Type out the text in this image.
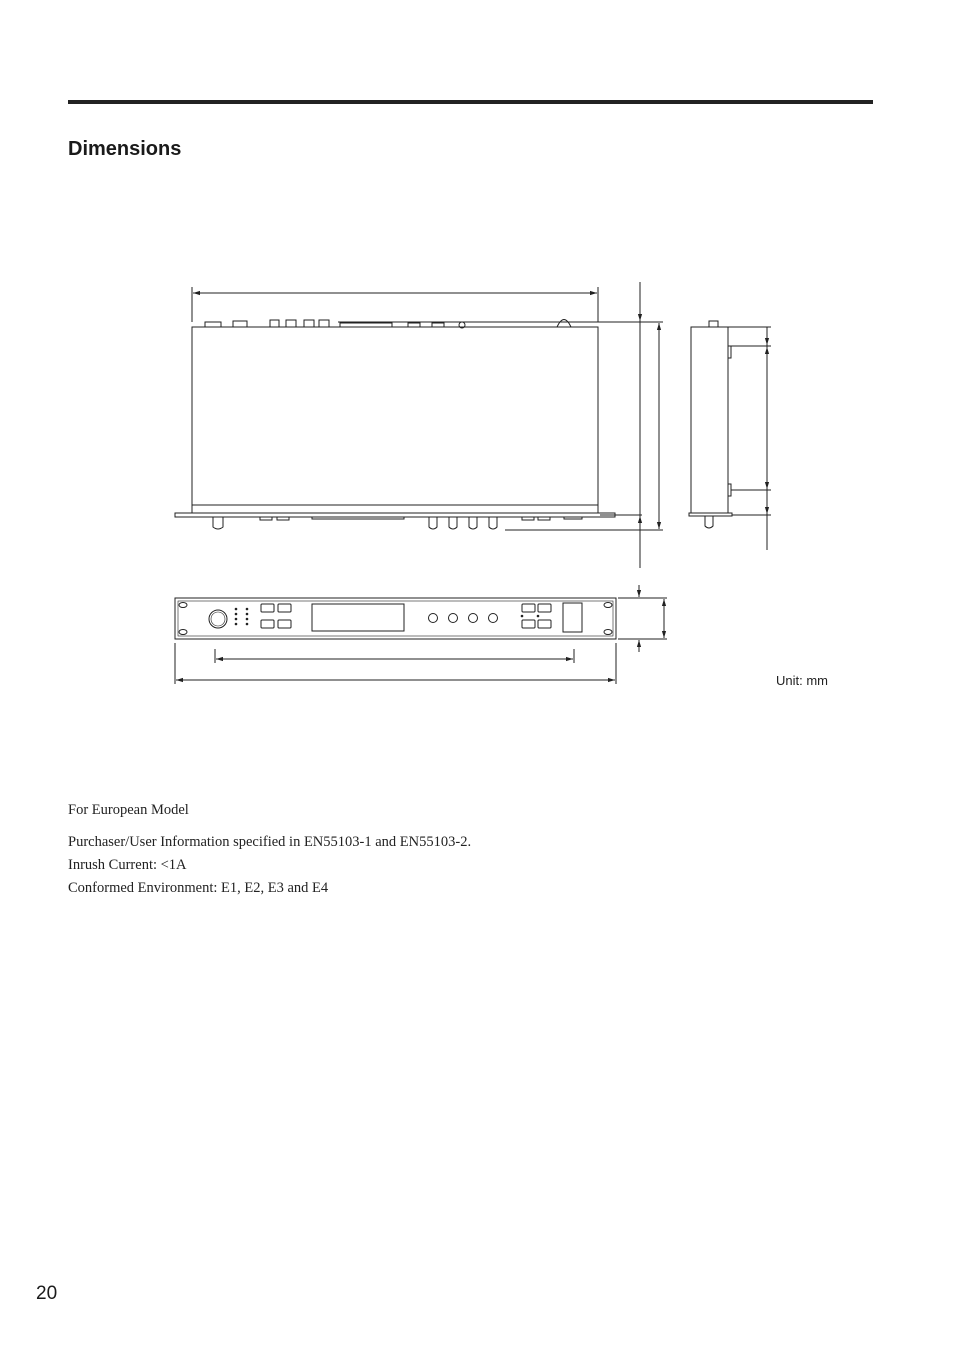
Dimensions
Unit: mm

For European Model

Purchaser/User Information specified in EN55103-1 and EN55103-2.

Inrush Current: <1A

Conformed Environment: E1, E2, E3 and E4

20
